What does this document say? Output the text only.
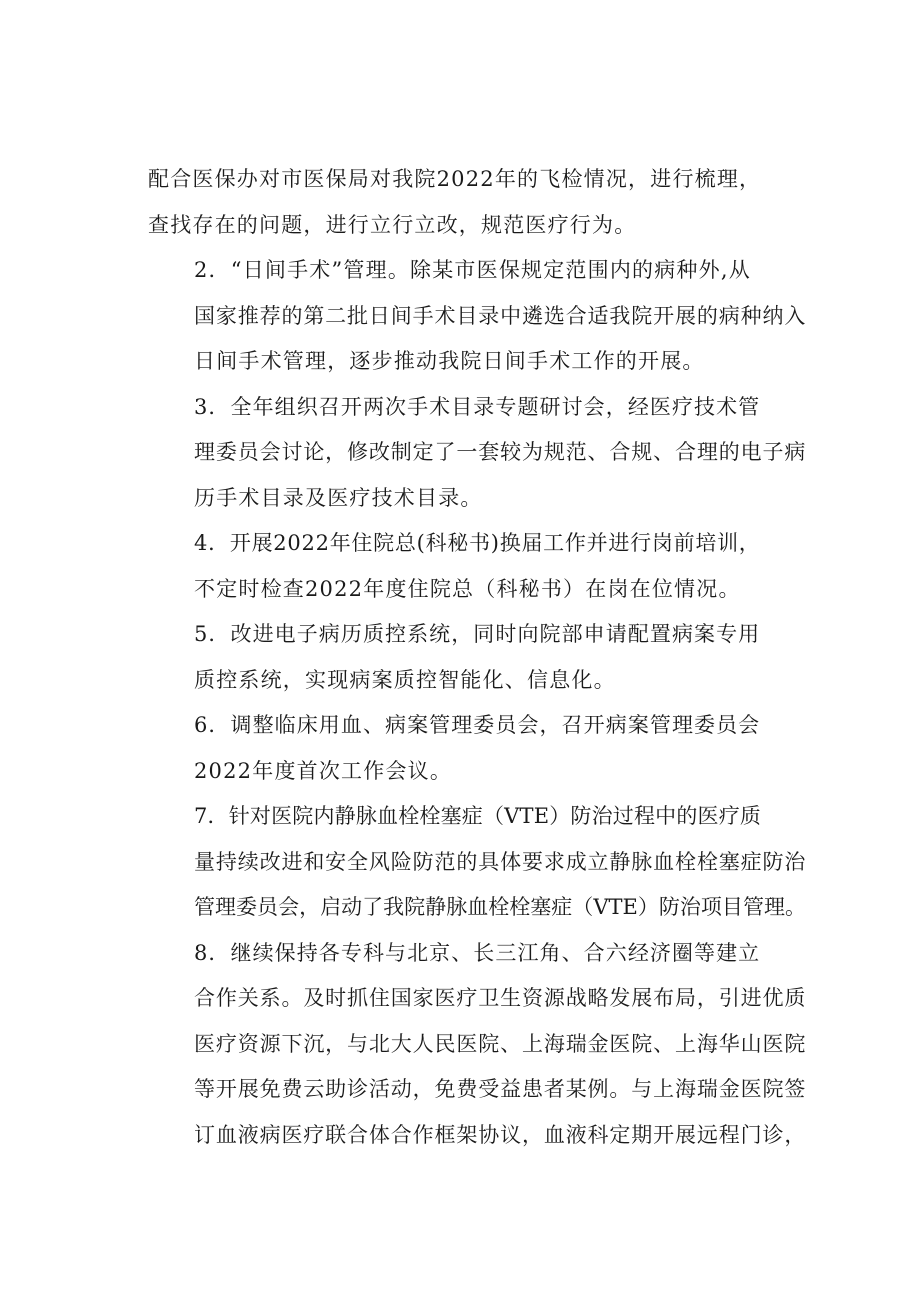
配合医保办对市医保局对我院2022年的飞检情况，进行梳理，
查找存在的问题，进行立行立改，规范医疗行为。

2．“日间手术”管理。除某市医保规定范围内的病种外,从
国家推荐的第二批日间手术目录中遴选合适我院开展的病种纳入
日间手术管理，逐步推动我院日间手术工作的开展。

3．全年组织召开两次手术目录专题研讨会，经医疗技术管
理委员会讨论，修改制定了一套较为规范、合规、合理的电子病
历手术目录及医疗技术目录。

4．开展2022年住院总(科秘书)换届工作并进行岗前培训，
不定时检查2022年度住院总（科秘书）在岗在位情况。

5．改进电子病历质控系统，同时向院部申请配置病案专用
质控系统，实现病案质控智能化、信息化。

6．调整临床用血、病案管理委员会，召开病案管理委员会
2022年度首次工作会议。

7．针对医院内静脉血栓栓塞症（VTE）防治过程中的医疗质
量持续改进和安全风险防范的具体要求成立静脉血栓栓塞症防治
管理委员会，启动了我院静脉血栓栓塞症（VTE）防治项目管理。

8．继续保持各专科与北京、长三江角、合六经济圈等建立
合作关系。及时抓住国家医疗卫生资源战略发展布局，引进优质
医疗资源下沉，与北大人民医院、上海瑞金医院、上海华山医院
等开展免费云助诊活动，免费受益患者某例。与上海瑞金医院签
订血液病医疗联合体合作框架协议，血液科定期开展远程门诊，
